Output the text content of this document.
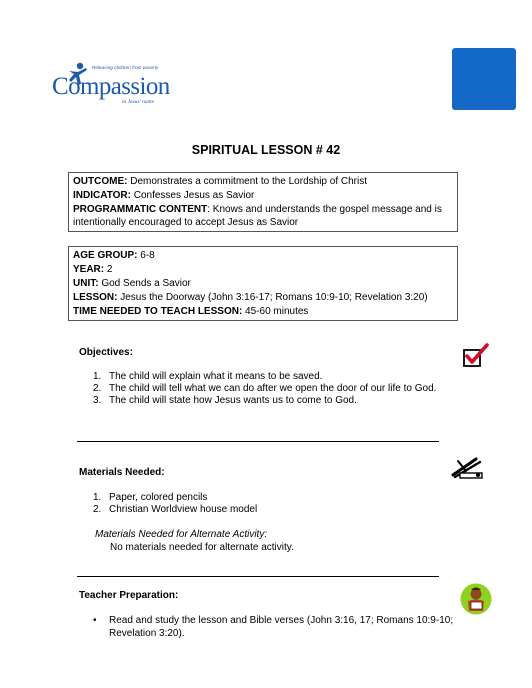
Releasing children from poverty
Compassion
in Jesus' name
SPIRITUAL LESSON # 42
OUTCOME: Demonstrates a commitment to the Lordship of Christ
INDICATOR: Confesses Jesus as Savior
PROGRAMMATIC CONTENT: Knows and understands the gospel message and is intentionally encouraged to accept Jesus as Savior
AGE GROUP: 6-8
YEAR: 2
UNIT: God Sends a Savior
LESSON: Jesus the Doorway (John 3:16-17; Romans 10:9-10; Revelation 3:20)
TIME NEEDED TO TEACH LESSON: 45-60 minutes
Objectives:
1. The child will explain what it means to be saved.
2. The child will tell what we can do after we open the door of our life to God.
3. The child will state how Jesus wants us to come to God.
Materials Needed:
1. Paper, colored pencils
2. Christian Worldview house model
Materials Needed for Alternate Activity:
No materials needed for alternate activity.
Teacher Preparation:
•	Read and study the lesson and Bible verses (John 3:16, 17; Romans 10:9-10; Revelation 3:20).
